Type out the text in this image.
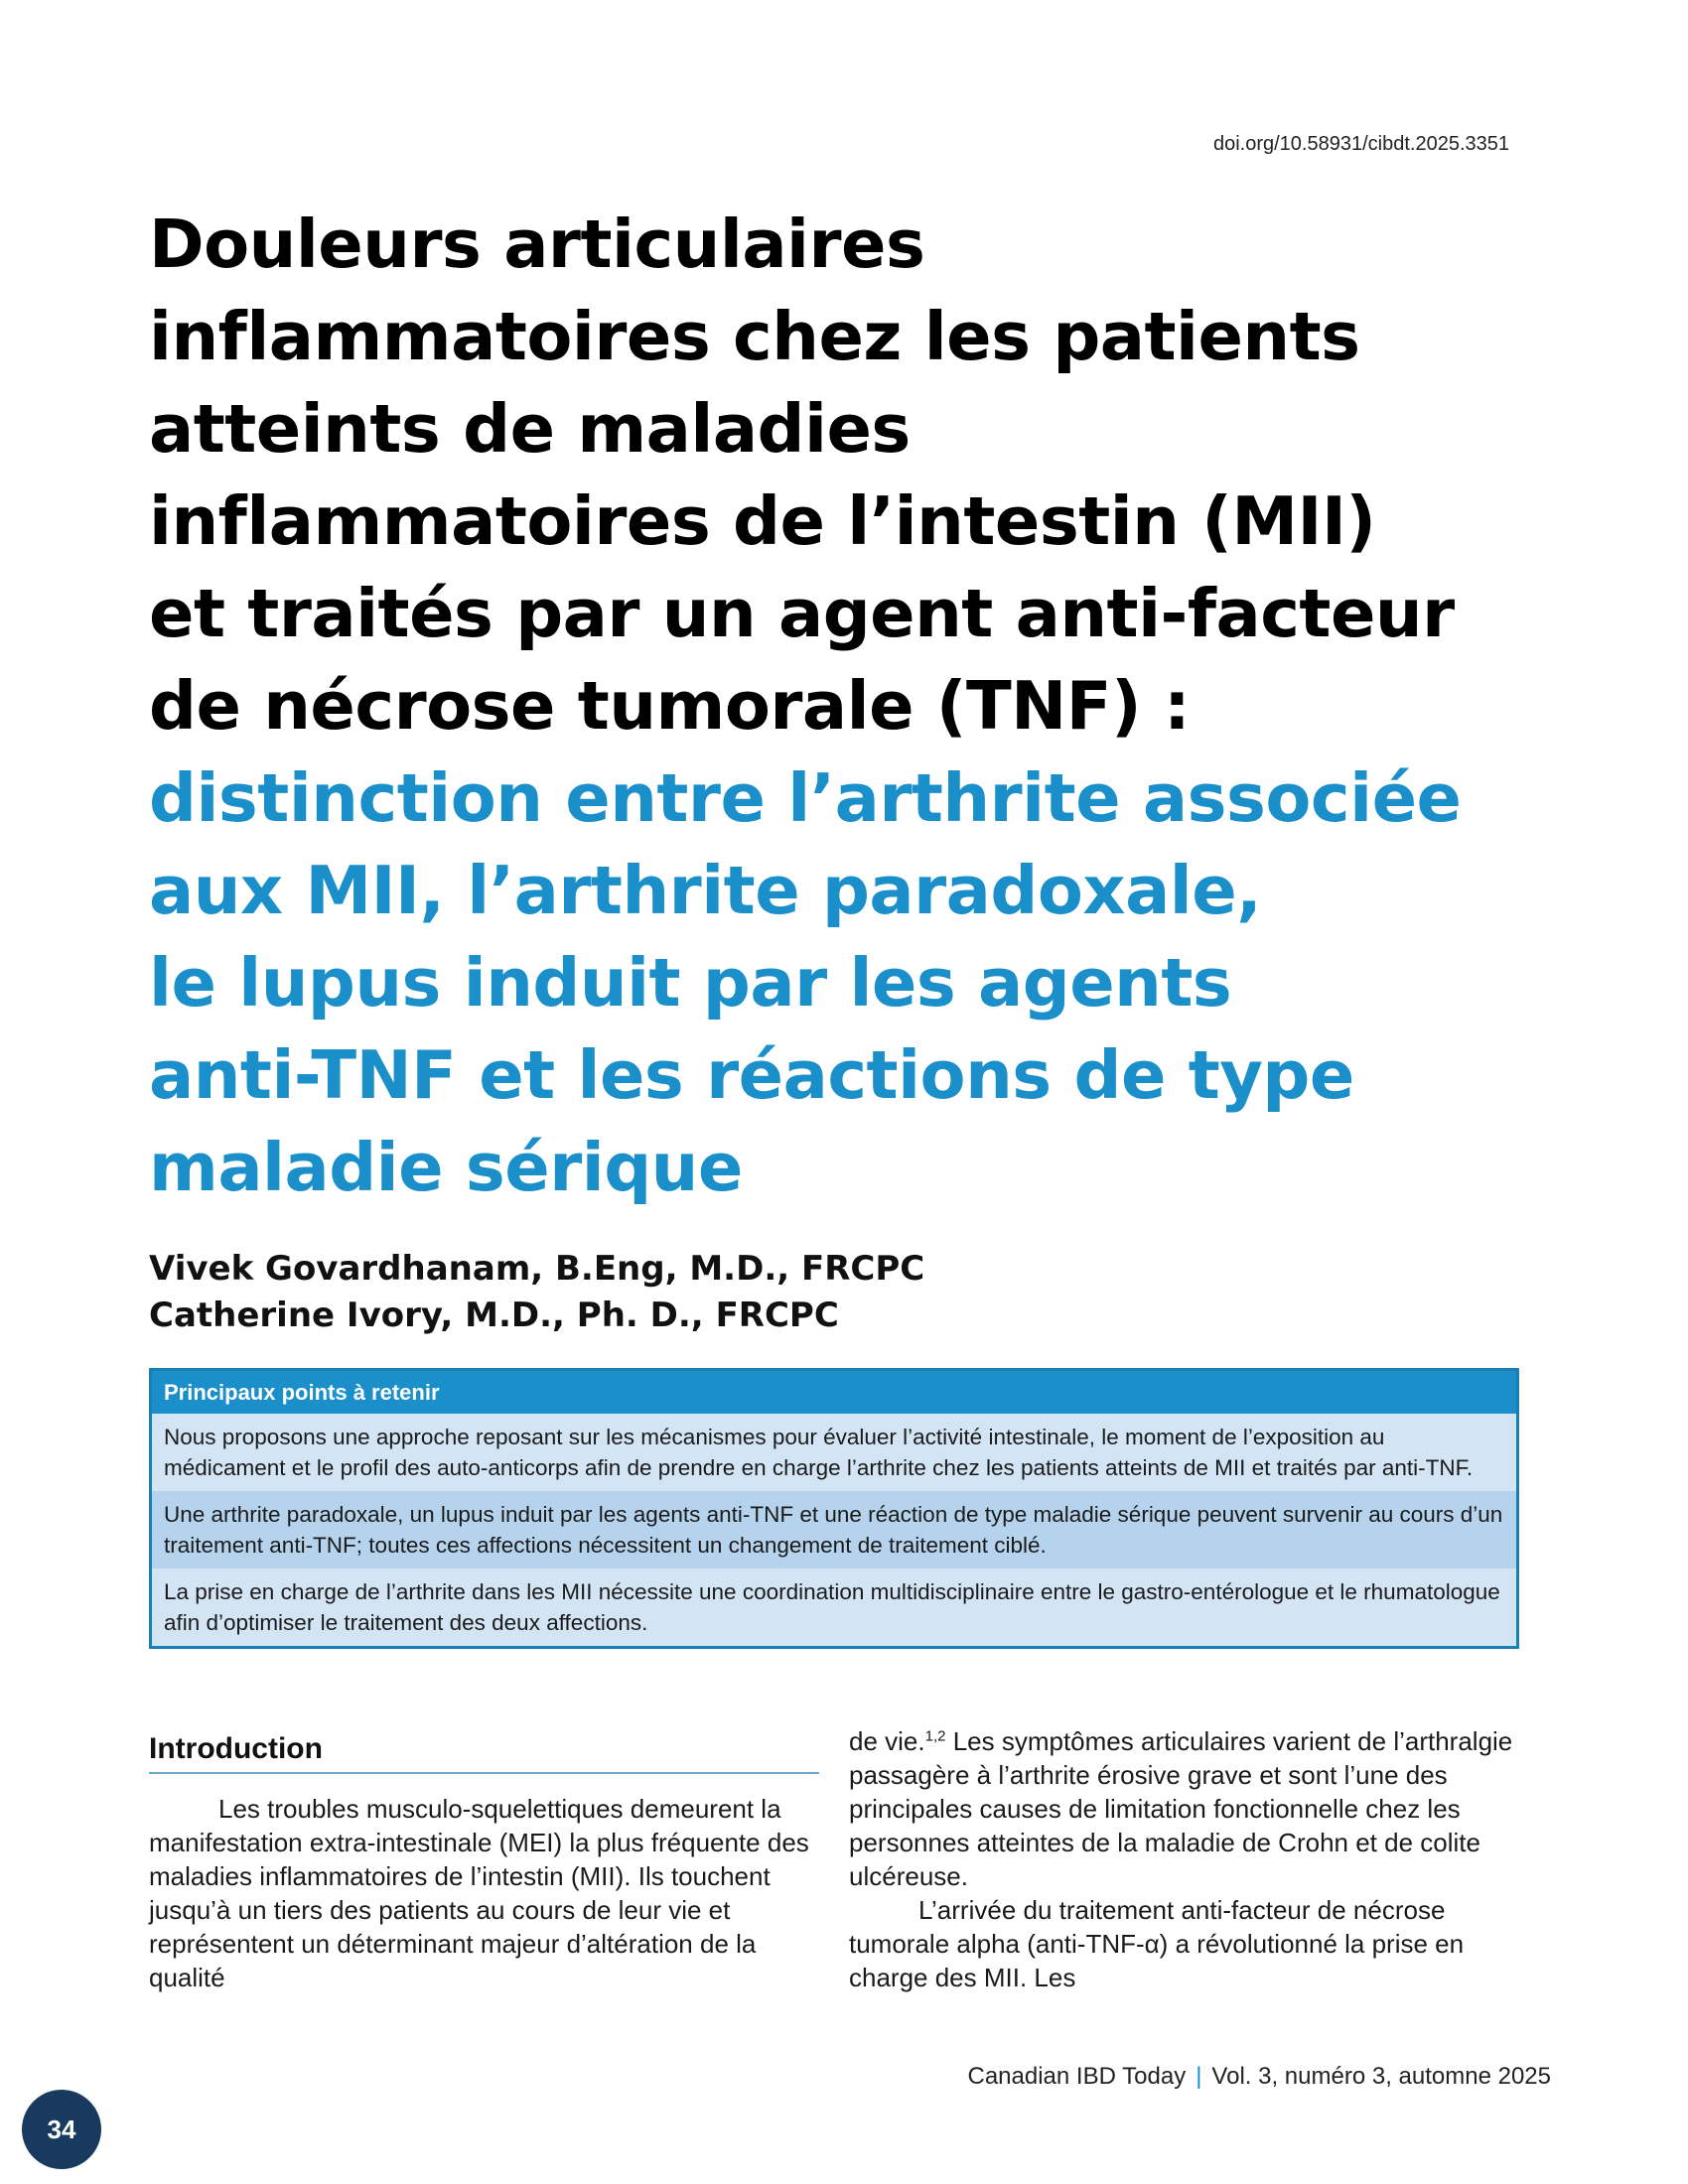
doi.org/10.58931/cibdt.2025.3351
Douleurs articulaires
inflammatoires chez les patients
atteints de maladies
inflammatoires de l’intestin (MII)
et traités par un agent anti-facteur
de nécrose tumorale (TNF) :
distinction entre l’arthrite associée
aux MII, l’arthrite paradoxale,
le lupus induit par les agents
anti-TNF et les réactions de type
maladie sérique
Vivek Govardhanam, B.Eng, M.D., FRCPC
Catherine Ivory, M.D., Ph. D., FRCPC
Principaux points à retenir
Nous proposons une approche reposant sur les mécanismes pour évaluer l’activité intestinale, le moment de l’exposition au médicament et le profil des auto-anticorps afin de prendre en charge l’arthrite chez les patients atteints de MII et traités par anti-TNF.
Une arthrite paradoxale, un lupus induit par les agents anti-TNF et une réaction de type maladie sérique peuvent survenir au cours d’un traitement anti-TNF; toutes ces affections nécessitent un changement de traitement ciblé.
La prise en charge de l’arthrite dans les MII nécessite une coordination multidisciplinaire entre le gastro-entérologue et le rhumatologue afin d’optimiser le traitement des deux affections.
Introduction

Les troubles musculo-squelettiques demeurent la manifestation extra-intestinale (MEI) la plus fréquente des maladies inflammatoires de l’intestin (MII). Ils touchent jusqu’à un tiers des patients au cours de leur vie et représentent un déterminant majeur d’altération de la qualité

de vie.$^{1,2}$ Les symptômes articulaires varient de l’arthralgie passagère à l’arthrite érosive grave et sont l’une des principales causes de limitation fonctionnelle chez les personnes atteintes de la maladie de Crohn et de colite ulcéreuse.

L’arrivée du traitement anti-facteur de nécrose tumorale alpha (anti-TNF-α) a révolutionné la prise en charge des MII. Les

Canadian IBD Today | Vol. 3, numéro 3, automne 2025
34
